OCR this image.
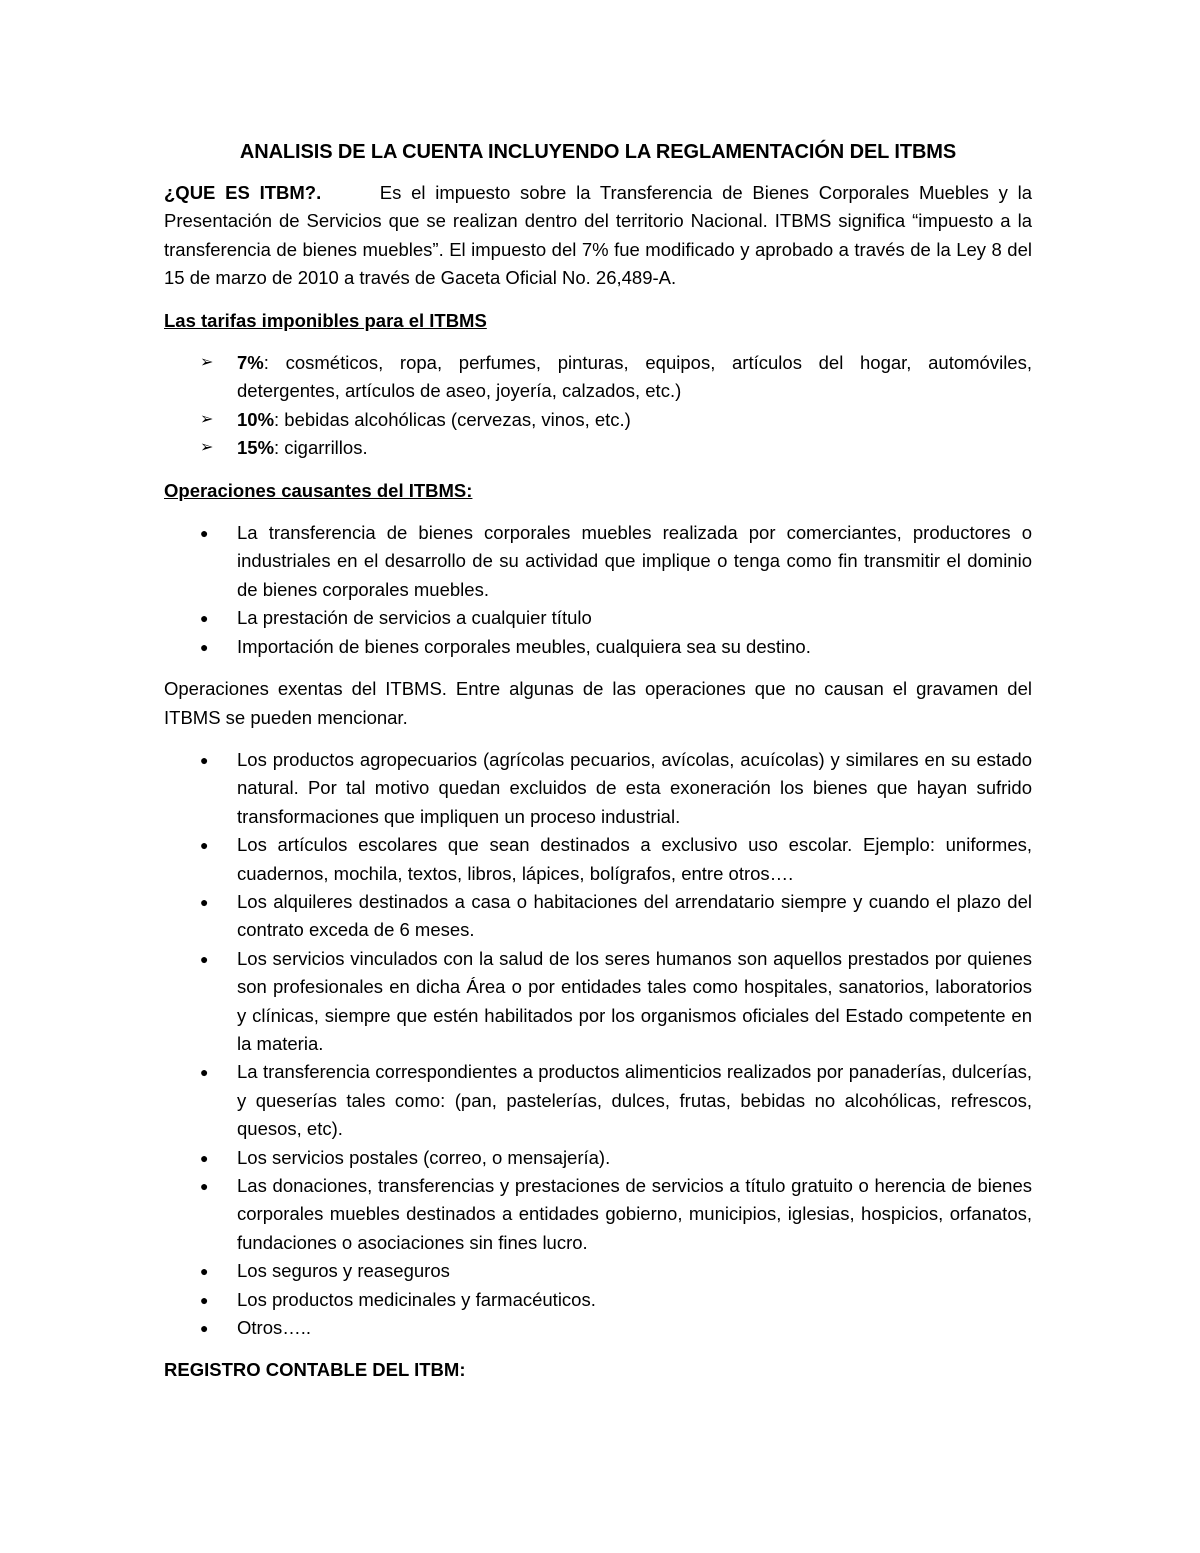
ANALISIS DE LA CUENTA INCLUYENDO LA REGLAMENTACIÓN DEL ITBMS

¿QUE ES ITBM?.	Es el impuesto sobre la Transferencia de Bienes Corporales Muebles y la Presentación de Servicios que se realizan dentro del territorio Nacional. ITBMS significa “impuesto a la transferencia de bienes muebles”. El impuesto del 7% fue modificado y aprobado a través de la Ley 8 del 15 de marzo de 2010 a través de Gaceta Oficial No. 26,489-A.

Las tarifas imponibles para el ITBMS
➢ 7%: cosméticos, ropa, perfumes, pinturas, equipos, artículos del hogar, automóviles, detergentes, artículos de aseo, joyería, calzados, etc.)
➢ 10%: bebidas alcohólicas (cervezas, vinos, etc.)
➢ 15%: cigarrillos.
Operaciones causantes del ITBMS:
● La transferencia de bienes corporales muebles realizada por comerciantes, productores o industriales en el desarrollo de su actividad que implique o tenga como fin transmitir el dominio de bienes corporales muebles.
● La prestación de servicios a cualquier título
● Importación de bienes corporales meubles, cualquiera sea su destino.

Operaciones exentas del ITBMS. Entre algunas de las operaciones que no causan el gravamen del ITBMS se pueden mencionar.

● Los productos agropecuarios (agrícolas pecuarios, avícolas, acuícolas) y similares en su estado natural. Por tal motivo quedan excluidos de esta exoneración los bienes que hayan sufrido transformaciones que impliquen un proceso industrial.
● Los artículos escolares que sean destinados a exclusivo uso escolar. Ejemplo: uniformes, cuadernos, mochila, textos, libros, lápices, bolígrafos, entre otros….
● Los alquileres destinados a casa o habitaciones del arrendatario siempre y cuando el plazo del contrato exceda de 6 meses.
● Los servicios vinculados con la salud de los seres humanos son aquellos prestados por quienes son profesionales en dicha Área o por entidades tales como hospitales, sanatorios, laboratorios y clínicas, siempre que estén habilitados por los organismos oficiales del Estado competente en la materia.
● La transferencia correspondientes a productos alimenticios realizados por panaderías, dulcerías, y queserías tales como: (pan, pastelerías, dulces, frutas, bebidas no alcohólicas, refrescos, quesos, etc).
● Los servicios postales (correo, o mensajería).
● Las donaciones, transferencias y prestaciones de servicios a título gratuito o herencia de bienes corporales muebles destinados a entidades gobierno, municipios, iglesias, hospicios, orfanatos, fundaciones o asociaciones sin fines lucro.
● Los seguros y reaseguros
● Los productos medicinales y farmacéuticos.
● Otros…..
REGISTRO CONTABLE DEL ITBM:
